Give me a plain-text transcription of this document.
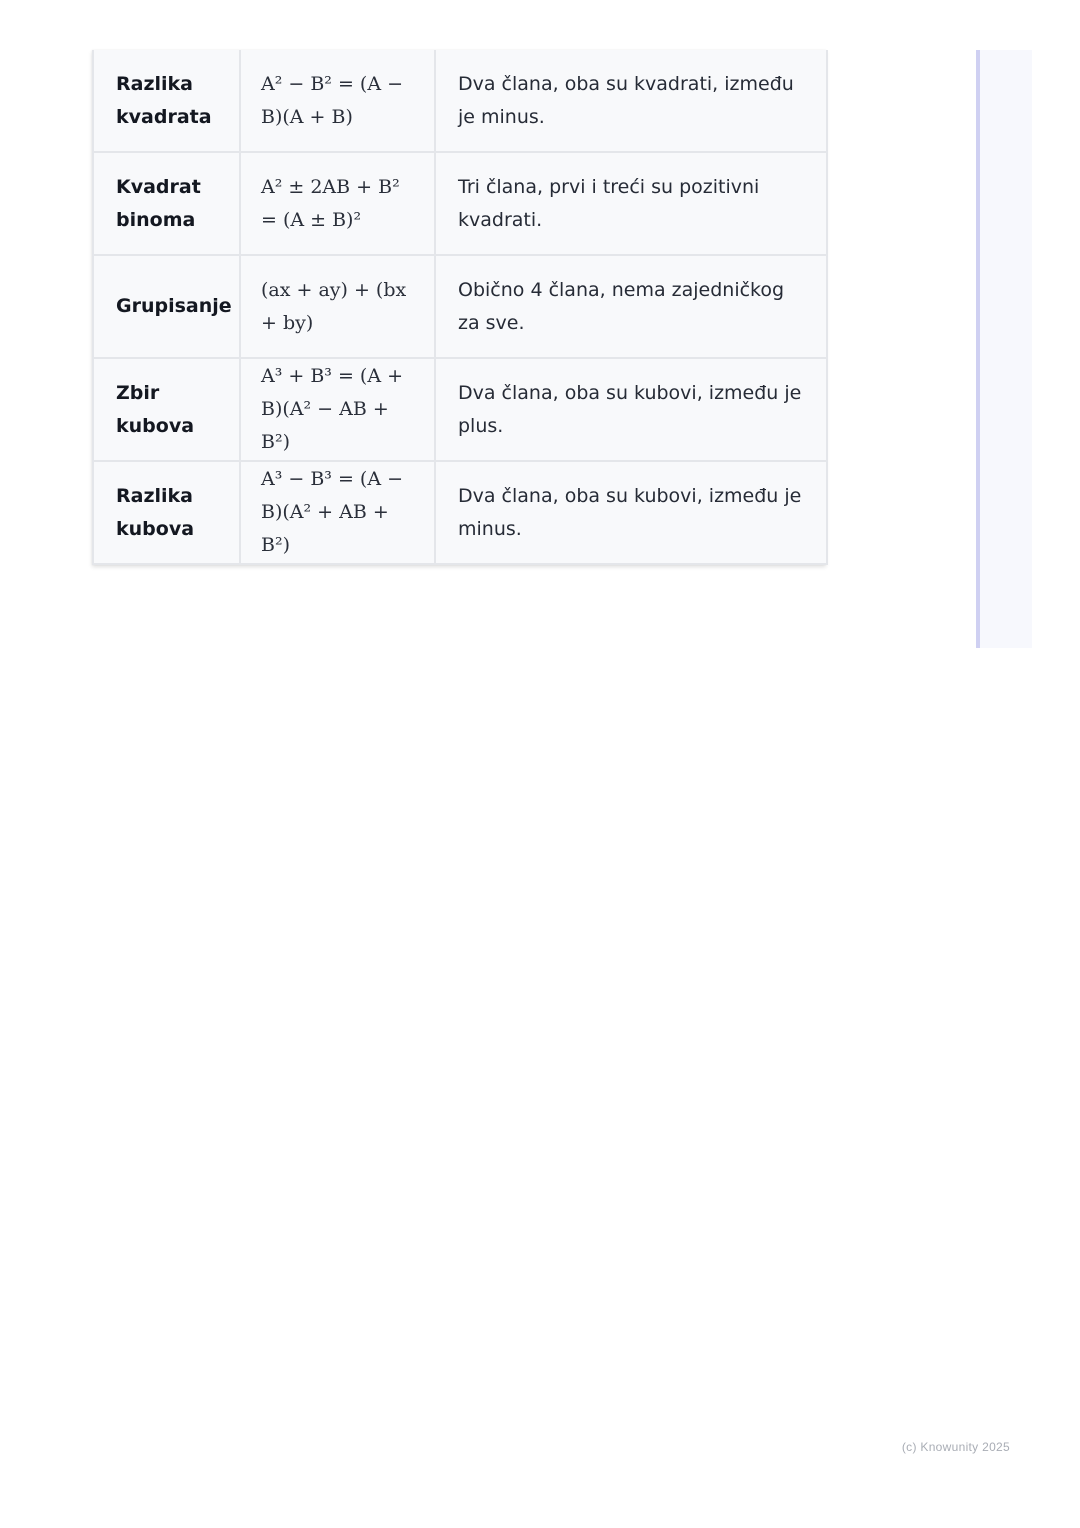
Razlika kvadrata	A² − B² = (A − B)(A + B)	Dva člana, oba su kvadrati, između je minus.
Kvadrat binoma	A² ± 2AB + B² = (A ± B)²	Tri člana, prvi i treći su pozitivni kvadrati.
Grupisanje	(ax + ay) + (bx + by)	Obično 4 člana, nema zajedničkog za sve.
Zbir kubova	A³ + B³ = (A + B)(A² − AB + B²)	Dva člana, oba su kubovi, između je plus.
Razlika kubova	A³ − B³ = (A − B)(A² + AB + B²)	Dva člana, oba su kubovi, između je minus.
(c) Knowunity 2025
